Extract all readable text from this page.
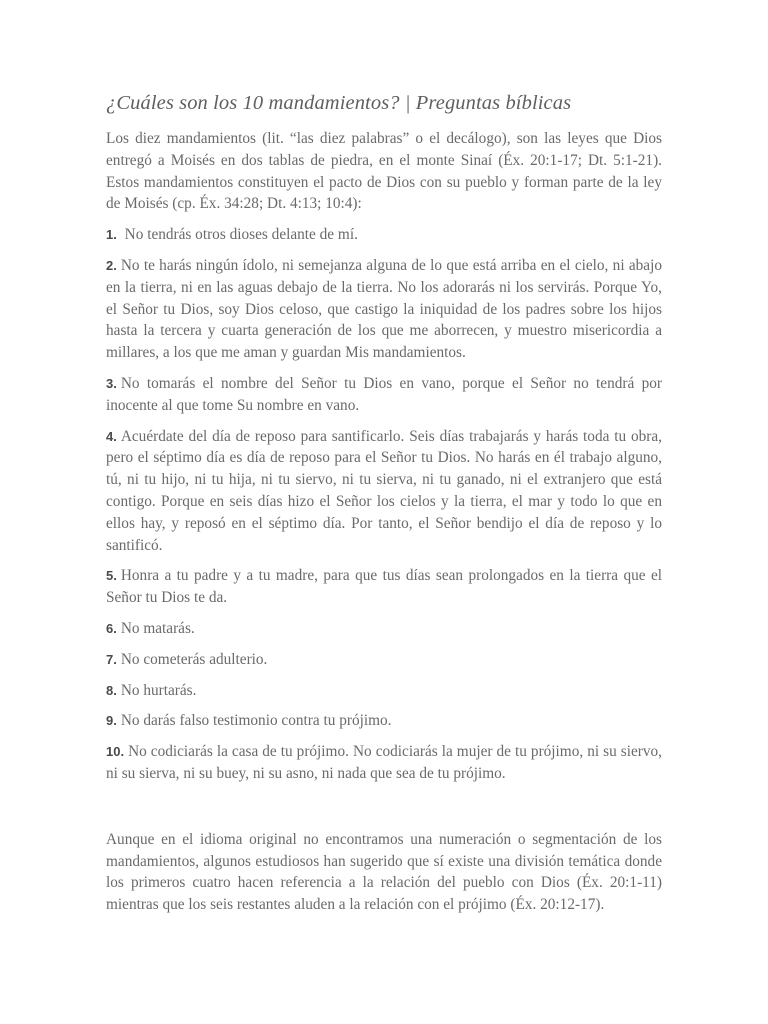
¿Cuáles son los 10 mandamientos? | Preguntas bíblicas

Los diez mandamientos (lit. “las diez palabras” o el decálogo), son las leyes que Dios entregó a Moisés en dos tablas de piedra, en el monte Sinaí (Éx. 20:1-17; Dt. 5:1-21). Estos mandamientos constituyen el pacto de Dios con su pueblo y forman parte de la ley de Moisés (cp. Éx. 34:28; Dt. 4:13; 10:4):

1. No tendrás otros dioses delante de mí.

2. No te harás ningún ídolo, ni semejanza alguna de lo que está arriba en el cielo, ni abajo en la tierra, ni en las aguas debajo de la tierra. No los adorarás ni los servirás. Porque Yo, el Señor tu Dios, soy Dios celoso, que castigo la iniquidad de los padres sobre los hijos hasta la tercera y cuarta generación de los que me aborrecen, y muestro misericordia a millares, a los que me aman y guardan Mis mandamientos.

3. No tomarás el nombre del Señor tu Dios en vano, porque el Señor no tendrá por inocente al que tome Su nombre en vano.

4. Acuérdate del día de reposo para santificarlo. Seis días trabajarás y harás toda tu obra, pero el séptimo día es día de reposo para el Señor tu Dios. No harás en él trabajo alguno, tú, ni tu hijo, ni tu hija, ni tu siervo, ni tu sierva, ni tu ganado, ni el extranjero que está contigo. Porque en seis días hizo el Señor los cielos y la tierra, el mar y todo lo que en ellos hay, y reposó en el séptimo día. Por tanto, el Señor bendijo el día de reposo y lo santificó.

5. Honra a tu padre y a tu madre, para que tus días sean prolongados en la tierra que el Señor tu Dios te da.

6. No matarás.

7. No cometerás adulterio.

8. No hurtarás.

9. No darás falso testimonio contra tu prójimo.

10. No codiciarás la casa de tu prójimo. No codiciarás la mujer de tu prójimo, ni su siervo, ni su sierva, ni su buey, ni su asno, ni nada que sea de tu prójimo.

Aunque en el idioma original no encontramos una numeración o segmentación de los mandamientos, algunos estudiosos han sugerido que sí existe una división temática donde los primeros cuatro hacen referencia a la relación del pueblo con Dios (Éx. 20:1-11) mientras que los seis restantes aluden a la relación con el prójimo (Éx. 20:12-17).
